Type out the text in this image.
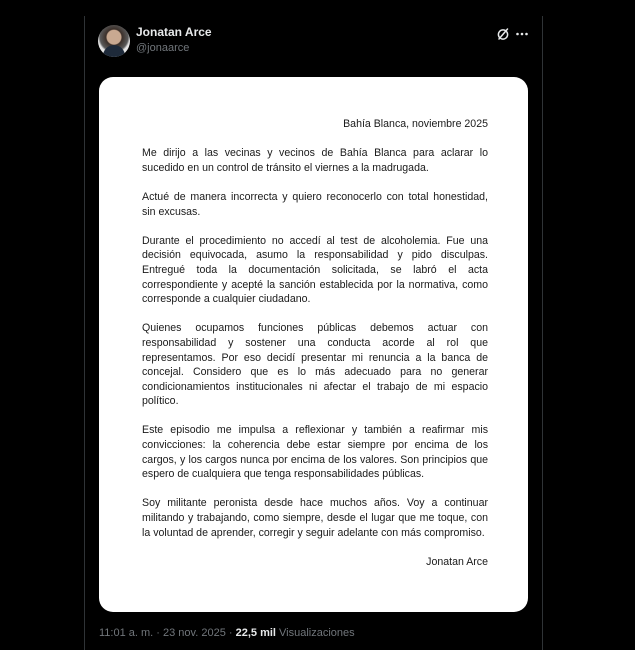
Jonatan Arce
@jonaarce

Bahía Blanca, noviembre 2025

Me dirijo a las vecinas y vecinos de Bahía Blanca para aclarar lo sucedido en un control de tránsito el viernes a la madrugada.

Actué de manera incorrecta y quiero reconocerlo con total honestidad, sin excusas.

Durante el procedimiento no accedí al test de alcoholemia. Fue una decisión equivocada, asumo la responsabilidad y pido disculpas. Entregué toda la documentación solicitada, se labró el acta correspondiente y acepté la sanción establecida por la normativa, como corresponde a cualquier ciudadano.

Quienes ocupamos funciones públicas debemos actuar con responsabilidad y sostener una conducta acorde al rol que representamos. Por eso decidí presentar mi renuncia a la banca de concejal. Considero que es lo más adecuado para no generar condicionamientos institucionales ni afectar el trabajo de mi espacio político.

Este episodio me impulsa a reflexionar y también a reafirmar mis convicciones: la coherencia debe estar siempre por encima de los cargos, y los cargos nunca por encima de los valores. Son principios que espero de cualquiera que tenga responsabilidades públicas.

Soy militante peronista desde hace muchos años. Voy a continuar militando y trabajando, como siempre, desde el lugar que me toque, con la voluntad de aprender, corregir y seguir adelante con más compromiso.

Jonatan Arce

11:01 a. m. · 23 nov. 2025 · 22,5 mil Visualizaciones
